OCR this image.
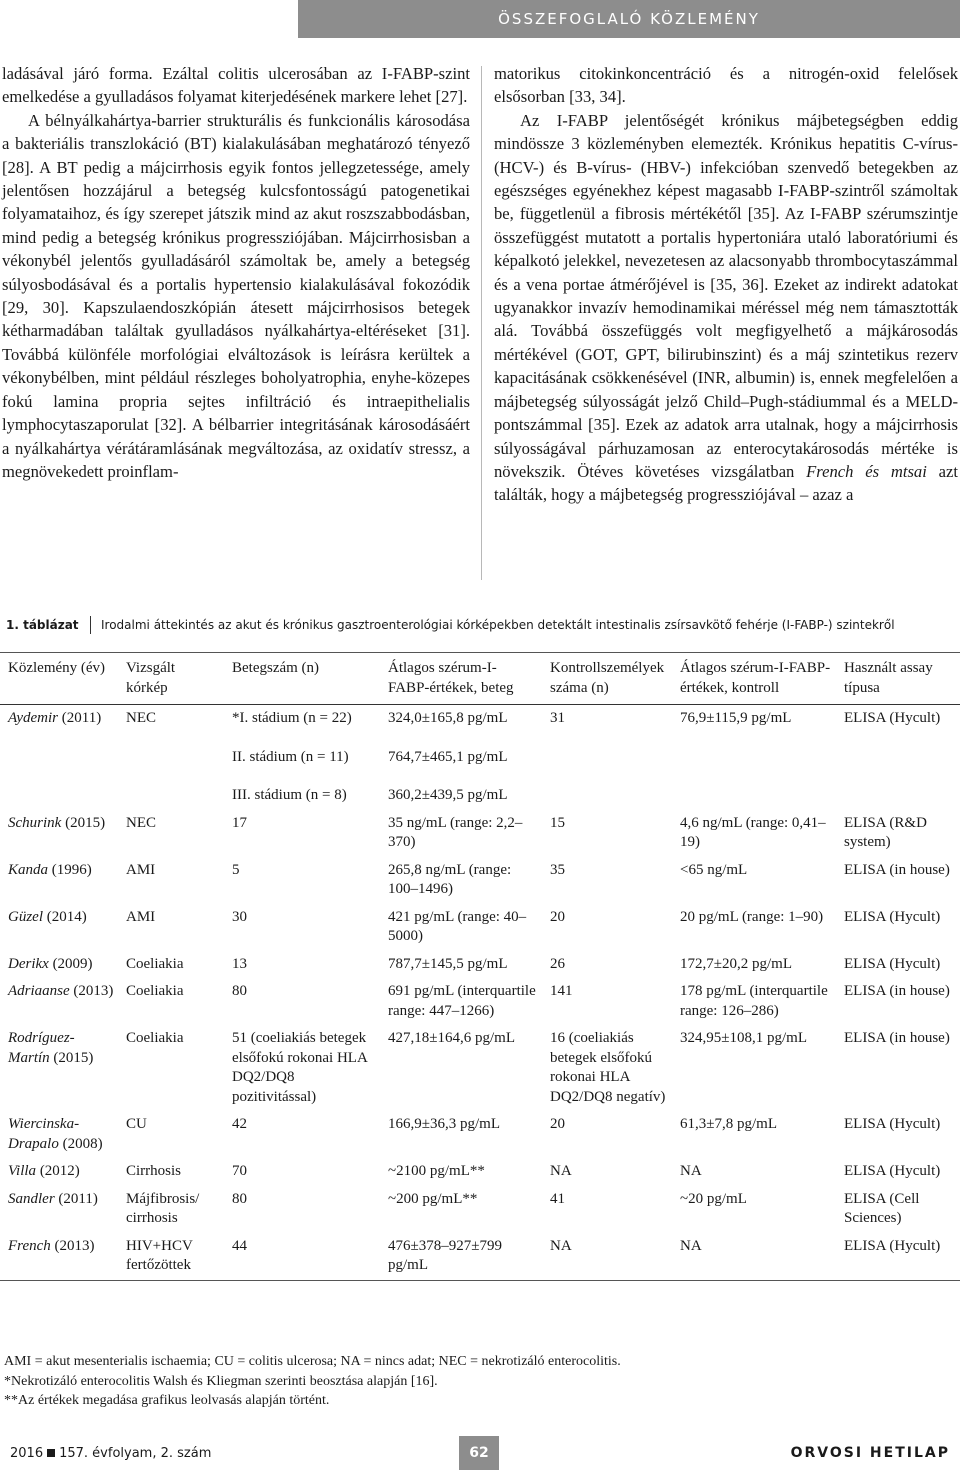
ÖSSZEFOGLALÓ KÖZLEMÉNY

ladásával járó forma. Ezáltal colitis ulcerosában az I-FABP-szint emelkedése a gyulladásos folyamat kiterjedésének markere lehet [27].

A bélnyálkahártya-barrier strukturális és funkcionális károsodása a bakteriális transzlokáció (BT) kialakulásában meghatározó tényező [28]. A BT pedig a májcirrhosis egyik fontos jellegzetessége, amely jelentősen hozzájárul a betegség kulcsfontosságú patogenetikai folyamataihoz, és így szerepet játszik mind az akut roszszabbodásban, mind pedig a betegség krónikus progressziójában. Májcirrhosisban a vékonybél jelentős gyulladásáról számoltak be, amely a betegség súlyosbodásával és a portalis hypertensio kialakulásával fokozódik [29, 30]. Kapszulaendoszkópián átesett májcirrhosisos betegek kétharmadában találtak gyulladásos nyálkahártya-eltéréseket [31]. Továbbá különféle morfológiai elváltozások is leírásra kerültek a vékonybélben, mint például részleges boholyatrophia, enyhe-közepes fokú lamina propria sejtes infiltráció és intraepithelialis lymphocytaszaporulat [32]. A bélbarrier integritásának károsodásáért a nyálkahártya vérátáramlásának megváltozása, az oxidatív stressz, a megnövekedett proinflam-

matorikus citokinkoncentráció és a nitrogén-oxid felelősek elsősorban [33, 34].

Az I-FABP jelentőségét krónikus májbetegségben eddig mindössze 3 közleményben elemezték. Krónikus hepatitis C-vírus- (HCV-) és B-vírus- (HBV-) infekcióban szenvedő betegekben az egészséges egyénekhez képest magasabb I-FABP-szintről számoltak be, függetlenül a fibrosis mértékétől [35]. Az I-FABP szérumszintje összefüggést mutatott a portalis hypertoniára utaló laboratóriumi és képalkotó jelekkel, nevezetesen az alacsonyabb thrombocytaszámmal és a vena portae átmérőjével is [35, 36]. Ezeket az indirekt adatokat ugyanakkor invazív hemodinamikai méréssel még nem támasztották alá. Továbbá összefüggés volt megfigyelhető a májkárosodás mértékével (GOT, GPT, bilirubinszint) és a máj szintetikus rezerv kapacitásának csökkenésével (INR, albumin) is, ennek megfelelően a májbetegség súlyosságát jelző Child–Pugh-stádiummal és a MELD-pontszámmal [35]. Ezek az adatok arra utalnak, hogy a májcirrhosis súlyosságával párhuzamosan az enterocytakárosodás mértéke is növekszik. Ötéves követéses vizsgálatban French és mtsai azt találták, hogy a májbetegség progressziójával – azaz a

1. táblázat	Irodalmi áttekintés az akut és krónikus gasztroenterológiai kórképekben detektált intestinalis zsírsavkötő fehérje (I-FABP-) szintekről
Közlemény (év)	Vizsgált kórkép	Betegszám (n)	Átlagos szérum-I-FABP-értékek, beteg	Kontrollszemélyek száma (n)	Átlagos szérum-I-FABP-értékek, kontroll	Használt assay típusa
Aydemir (2011)	NEC	*I. stádium (n = 22)
II. stádium (n = 11)
III. stádium (n = 8)	324,0±165,8 pg/mL
764,7±465,1 pg/mL
360,2±439,5 pg/mL	31	76,9±115,9 pg/mL	ELISA (Hycult)
Schurink (2015)	NEC	17	35 ng/mL (range: 2,2–370)	15	4,6 ng/mL (range: 0,41–19)	ELISA (R&D system)
Kanda (1996)	AMI	5	265,8 ng/mL (range: 100–1496)	35	<65 ng/mL	ELISA (in house)
Güzel (2014)	AMI	30	421 pg/mL (range: 40–5000)	20	20 pg/mL (range: 1–90)	ELISA (Hycult)
Derikx (2009)	Coeliakia	13	787,7±145,5 pg/mL	26	172,7±20,2 pg/mL	ELISA (Hycult)
Adriaanse (2013)	Coeliakia	80	691 pg/mL (interquartile range: 447–1266)	141	178 pg/mL (interquartile range: 126–286)	ELISA (in house)
Rodríguez-Martín (2015)	Coeliakia	51 (coeliakiás betegek elsőfokú rokonai HLA DQ2/DQ8 pozitivitással)	427,18±164,6 pg/mL	16 (coeliakiás betegek elsőfokú rokonai HLA DQ2/DQ8 negatív)	324,95±108,1 pg/mL	ELISA (in house)
Wiercinska-Drapalo (2008)	CU	42	166,9±36,3 pg/mL	20	61,3±7,8 pg/mL	ELISA (Hycult)
Villa (2012)	Cirrhosis	70	~2100 pg/mL**	NA	NA	ELISA (Hycult)
Sandler (2011)	Májfibrosis/ cirrhosis	80	~200 pg/mL**	41	~20 pg/mL	ELISA (Cell Sciences)
French (2013)	HIV+HCV fertőzöttek	44	476±378–927±799 pg/mL	NA	NA	ELISA (Hycult)
AMI = akut mesenterialis ischaemia; CU = colitis ulcerosa; NA = nincs adat; NEC = nekrotizáló enterocolitis.
*Nekrotizáló enterocolitis Walsh és Kliegman szerinti beosztása alapján [16].
**Az értékek megadása grafikus leolvasás alapján történt.
2016 157. évfolyam, 2. szám	62	ORVOSI HETILAP
